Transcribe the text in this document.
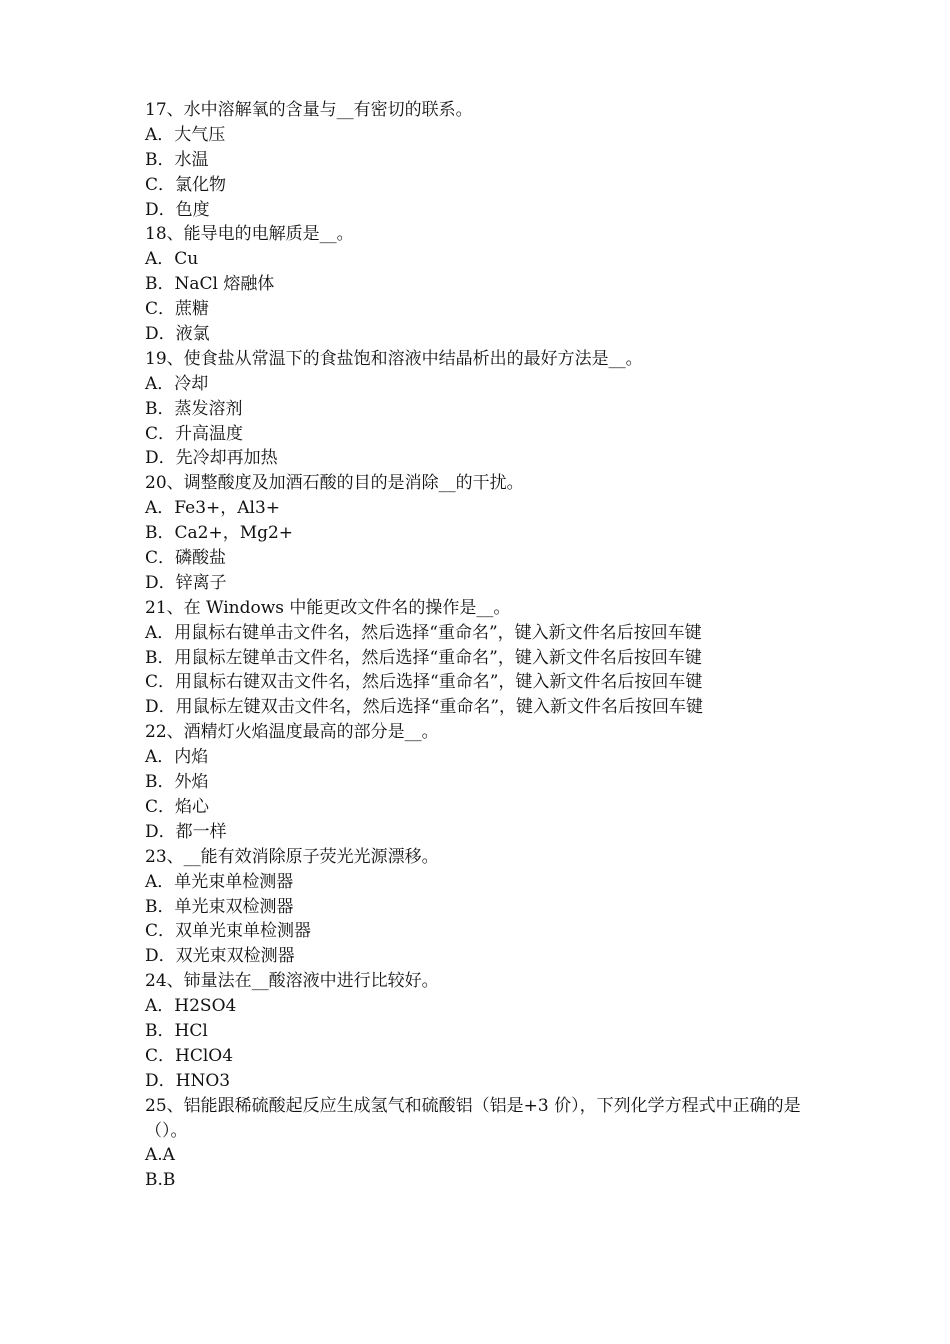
17、水中溶解氧的含量与__有密切的联系。
A．大气压
B．水温
C．氯化物
D．色度
18、能导电的电解质是__。
A．Cu
B．NaCl 熔融体
C．蔗糖
D．液氯
19、使食盐从常温下的食盐饱和溶液中结晶析出的最好方法是__。
A．冷却
B．蒸发溶剂
C．升高温度
D．先冷却再加热
20、调整酸度及加酒石酸的目的是消除__的干扰。
A．Fe3+，Al3+
B．Ca2+，Mg2+
C．磷酸盐
D．锌离子
21、在 Windows 中能更改文件名的操作是__。
A．用鼠标右键单击文件名，然后选择“重命名”，键入新文件名后按回车键
B．用鼠标左键单击文件名，然后选择“重命名”，键入新文件名后按回车键
C．用鼠标右键双击文件名，然后选择“重命名”，键入新文件名后按回车键
D．用鼠标左键双击文件名，然后选择“重命名”，键入新文件名后按回车键
22、酒精灯火焰温度最高的部分是__。
A．内焰
B．外焰
C．焰心
D．都一样
23、__能有效消除原子荧光光源漂移。
A．单光束单检测器
B．单光束双检测器
C．双单光束单检测器
D．双光束双检测器
24、铈量法在__酸溶液中进行比较好。
A．H2SO4
B．HCl
C．HClO4
D．HNO3
25、铝能跟稀硫酸起反应生成氢气和硫酸铝（铝是+3 价），下列化学方程式中正确的是（）。
A.A
B.B
